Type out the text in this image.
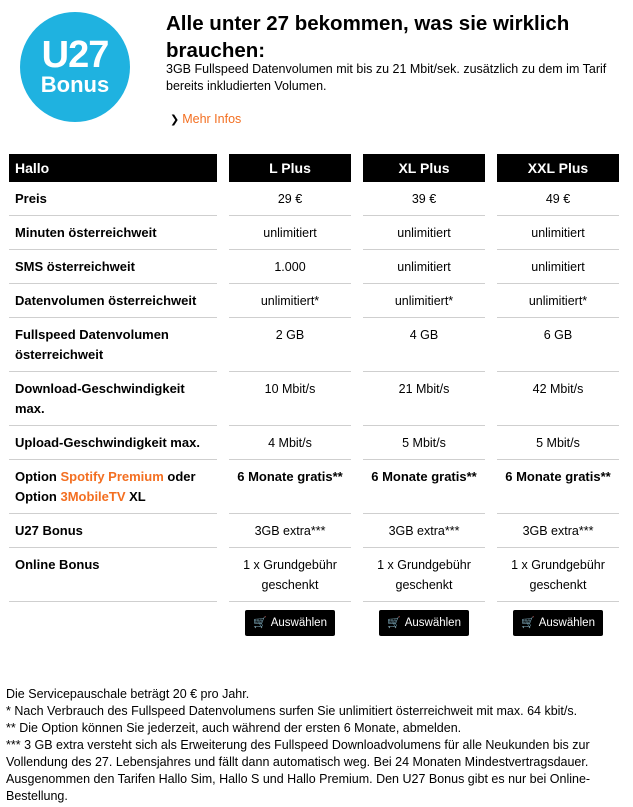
U27
Bonus
Alle unter 27 bekommen, was sie wirklich brauchen:
3GB Fullspeed Datenvolumen mit bis zu 21 Mbit/sek. zusätzlich zu dem im Tarif bereits inkludierten Volumen.
❯ Mehr Infos
Hallo		L Plus		XL Plus		XXL Plus
Preis		29 €		39 €		49 €
Minuten österreichweit		unlimitiert		unlimitiert		unlimitiert
SMS österreichweit		1.000		unlimitiert		unlimitiert
Datenvolumen österreichweit		unlimitiert*		unlimitiert*		unlimitiert*
Fullspeed Datenvolumen österreichweit		2 GB		4 GB		6 GB
Download-Geschwindigkeit max.		10 Mbit/s		21 Mbit/s		42 Mbit/s
Upload-Geschwindigkeit max.		4 Mbit/s		5 Mbit/s		5 Mbit/s
Option Spotify Premium oder Option 3MobileTV XL		6 Monate gratis**		6 Monate gratis**		6 Monate gratis**
U27 Bonus		3GB extra***		3GB extra***		3GB extra***
Online Bonus		1 x Grundgebühr geschenkt		1 x Grundgebühr geschenkt		1 x Grundgebühr geschenkt

		🛒 Auswählen		🛒 Auswählen		🛒 Auswählen

Die Servicepauschale beträgt 20 € pro Jahr.

* Nach Verbrauch des Fullspeed Datenvolumens surfen Sie unlimitiert österreichweit mit max. 64 kbit/s.

** Die Option können Sie jederzeit, auch während der ersten 6 Monate, abmelden.

*** 3 GB extra versteht sich als Erweiterung des Fullspeed Downloadvolumens für alle Neukunden bis zur Vollendung des 27. Lebensjahres und fällt dann automatisch weg. Bei 24 Monaten Mindestvertragsdauer. Ausgenommen den Tarifen Hallo Sim, Hallo S und Hallo Premium. Den U27 Bonus gibt es nur bei Online-Bestellung.
